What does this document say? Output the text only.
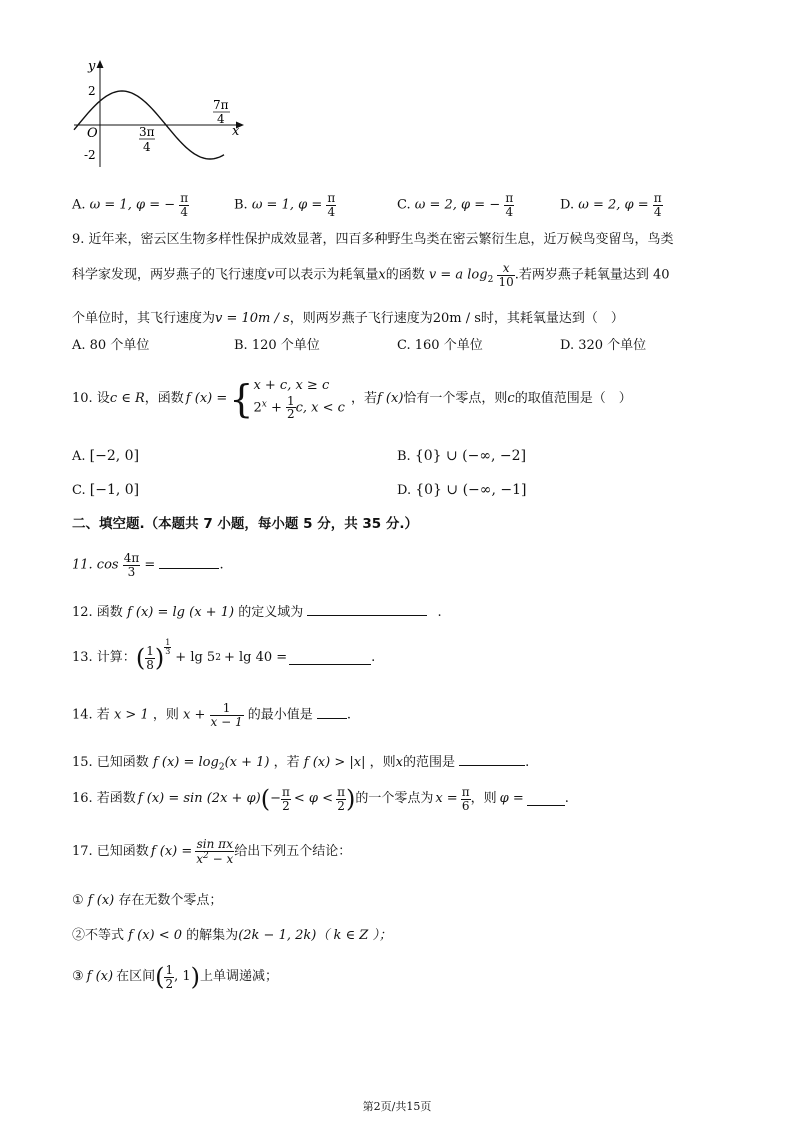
y
x
O
2
-2
3π
4
7π
4
A. ω = 1, φ = − $\frac{\pi}{4}$	B. ω = 1, $\varphi = \frac{\pi}{4}$	C. ω = 2, φ = − $\frac{\pi}{4}$	D. ω = 2, $\varphi = \frac{\pi}{4}$
9. 近年来，密云区生物多样性保护成效显著，四百多种野生鸟类在密云繁衍生息，近万候鸟变留鸟，鸟类
科学家发现，两岁燕子的飞行速度v可以表示为耗氧量x的函数 v = a $\log_2 \frac{x}{10}$ .若两岁燕子耗氧量达到 40
个单位时，其飞行速度为v = 10m / s，则两岁燕子飞行速度为20m / s时，其耗氧量达到（　）
A. 80 个单位	B. 120 个单位	C. 160 个单位	D. 320 个单位
10. 设 c ∈ R ，函数 f (x) = { x + c, x ≥ c
$2^x + \frac{1}{2} c$, x < c
，若 f (x) 恰有一个零点，则 c 的取值范围是（　）
A. [−2, 0]	B. {0} ∪ (−∞, −2]
C. [−1, 0]	D. {0} ∪ (−∞, −1]
二、填空题.（本题共 7 小题，每小题 5 分，共 35 分.）
11. $\cos \frac{4\pi}{3}$ =	.
12. 函数 f (x) = lg (x + 1) 的定义域为	.
13. 计算： ( $\frac{1}{8}$ ) $\frac{1}{3}$
+ lg 5 2 + lg 40 =	.
14. 若 x > 1 ，则 $x + \frac{1}{x - 1}$ 的最小值是	.
15. 已知函数 f $(x) = \log_2(x + 1)$ ，若 f (x) > |x| ，则x的范围是	.
16. 若函数 f (x) = sin (2x + φ) ( − $\frac{\pi}{2} < \varphi < \frac{\pi}{2}$ ) 的一个零点为 $x = \frac{\pi}{6}$ ，则 φ =	.
17. 已知函数 f $(x) = \frac{\text{sin πx}}{x^2 - x}$ 给出下列五个结论：
① f (x) 存在无数个零点；
②不等式 f (x) < 0 的解集为(2k − 1, 2k)（ k ∈ Z ）；
③ f (x) 在区间 ( $\frac{1}{2}$ , 1 ) 上单调递减；
第2页/共15页
